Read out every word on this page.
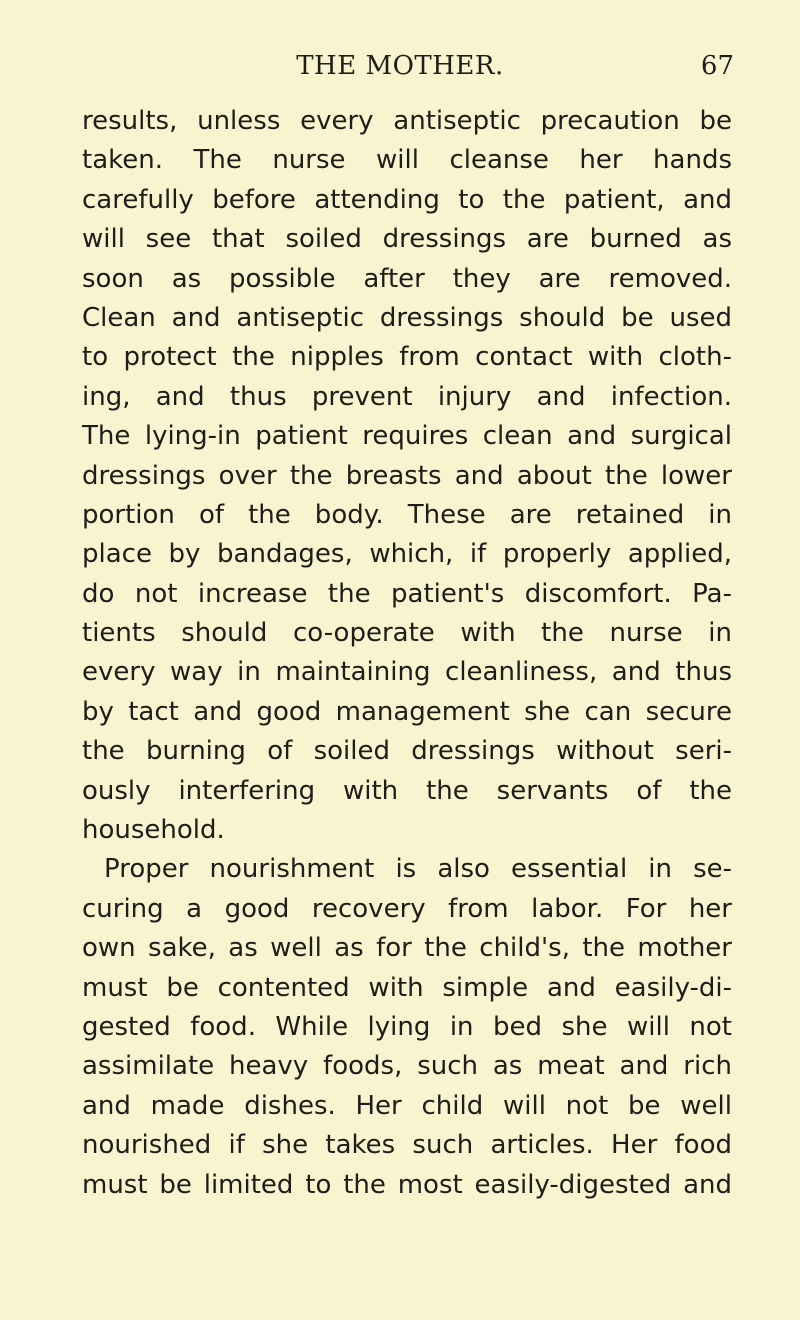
THE MOTHER.	67
results, unless every antiseptic precaution be
taken. The nurse will cleanse her hands
carefully before attending to the patient, and
will see that soiled dressings are burned as
soon as possible after they are removed.
Clean and antiseptic dressings should be used
to protect the nipples from contact with cloth-
ing, and thus prevent injury and infection.
The lying-in patient requires clean and surgical
dressings over the breasts and about the lower
portion of the body. These are retained in
place by bandages, which, if properly applied,
do not increase the patient's discomfort. Pa-
tients should co-operate with the nurse in
every way in maintaining cleanliness, and thus
by tact and good management she can secure
the burning of soiled dressings without seri-
ously interfering with the servants of the
household.
Proper nourishment is also essential in se-
curing a good recovery from labor. For her
own sake, as well as for the child's, the mother
must be contented with simple and easily-di-
gested food. While lying in bed she will not
assimilate heavy foods, such as meat and rich
and made dishes. Her child will not be well
nourished if she takes such articles. Her food
must be limited to the most easily-digested and
